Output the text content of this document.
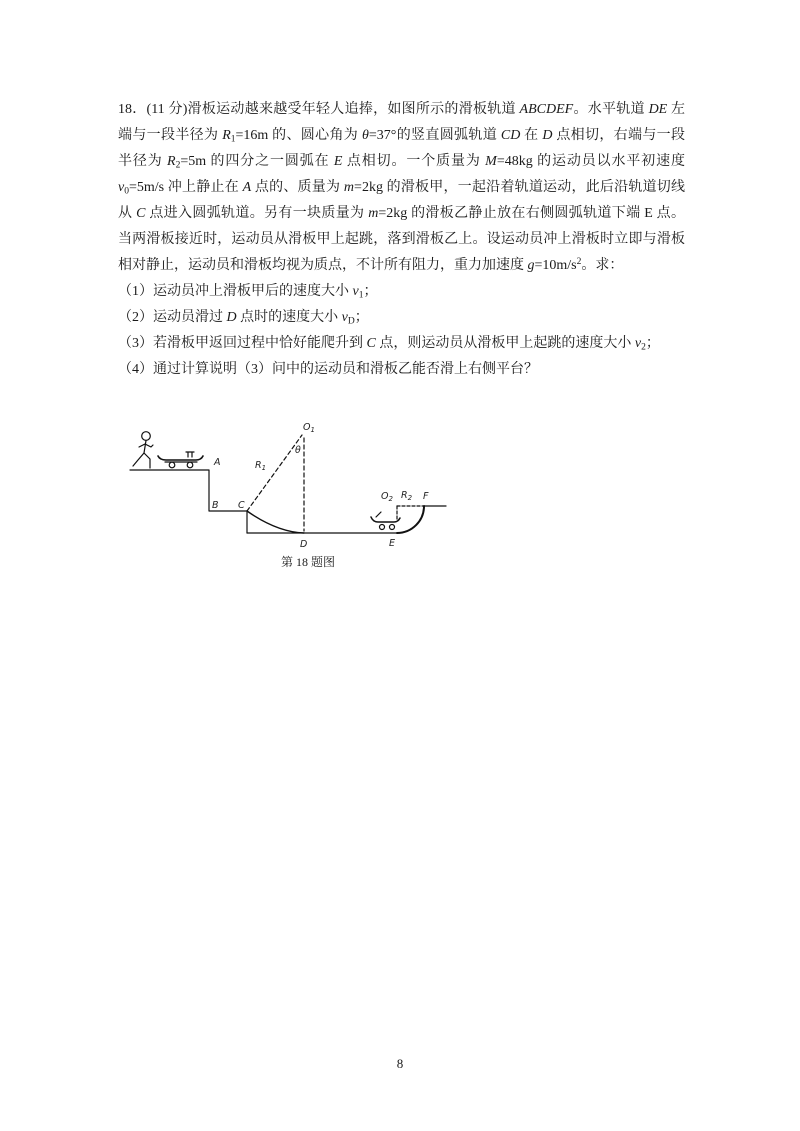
18．(11 分)滑板运动越来越受年轻人追捧，如图所示的滑板轨道 ABCDEF。水平轨道 DE 左
端与一段半径为 $R_1=16m$ 的、圆心角为 θ=37°的竖直圆弧轨道 CD 在 D 点相切，右端与一段
半径为 $R_2=5m$ 的四分之一圆弧在 E 点相切。一个质量为 M=48kg 的运动员以水平初速度
$v_0=5m/s$ 冲上静止在 A 点的、质量为 m=2kg 的滑板甲，一起沿着轨道运动，此后沿轨道切线
从 C 点进入圆弧轨道。另有一块质量为 m=2kg 的滑板乙静止放在右侧圆弧轨道下端 E 点。
当两滑板接近时，运动员从滑板甲上起跳，落到滑板乙上。设运动员冲上滑板时立即与滑板
相对静止，运动员和滑板均视为质点，不计所有阻力，重力加速度 $g=10m/s^2$。求：
（1）运动员冲上滑板甲后的速度大小 $v_1$；
（2）运动员滑过 D 点时的速度大小 $v_D$；
（3）若滑板甲返回过程中恰好能爬升到 C 点，则运动员从滑板甲上起跳的速度大小 $v_2$；
（4）通过计算说明（3）问中的运动员和滑板乙能否滑上右侧平台？
A
B C
D	E
F
$O_1$
θ
$R_1$
$O_2$ $R_2$
第 18 题图
8
